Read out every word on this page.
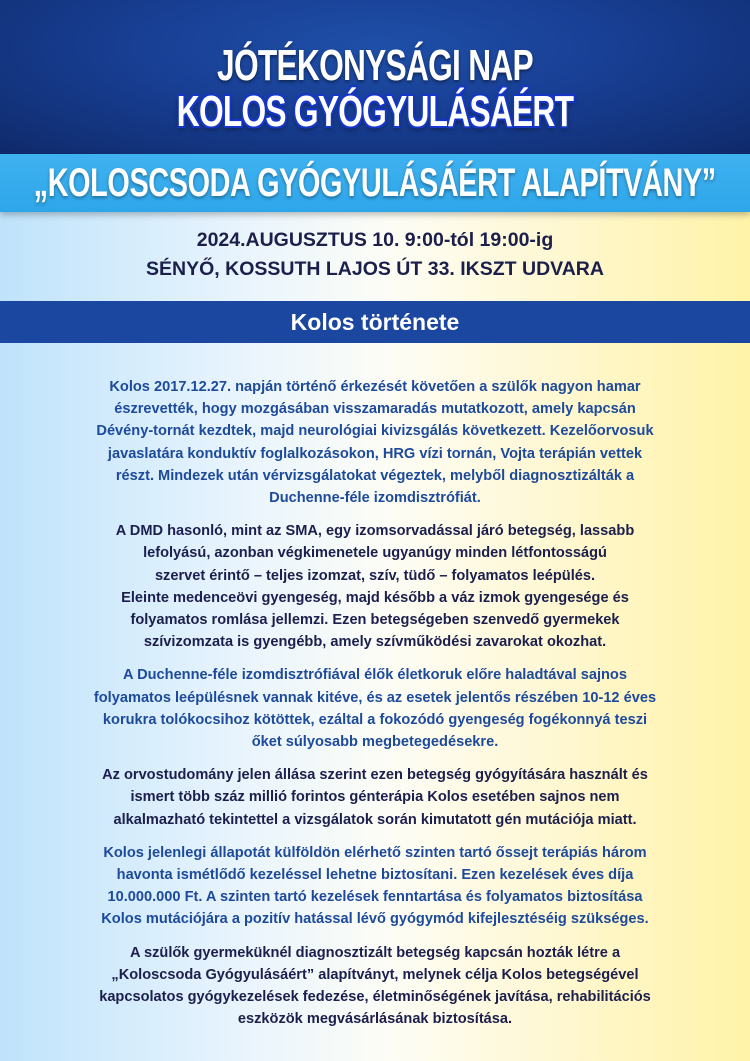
JÓTÉKONYSÁGI NAP
KOLOS GYÓGYULÁSÁÉRT
„KOLOSCSODA GYÓGYULÁSÁÉRT ALAPÍTVÁNY”
2024.AUGUSZTUS 10. 9:00-tól 19:00-ig
SÉNYŐ, KOSSUTH LAJOS ÚT 33. IKSZT UDVARA
Kolos története

Kolos 2017.12.27. napján történő érkezését követően a szülők nagyon hamar
észrevették, hogy mozgásában visszamaradás mutatkozott, amely kapcsán
Dévény-tornát kezdtek, majd neurológiai kivizsgálás következett. Kezelőorvosuk
javaslatára konduktív foglalkozásokon, HRG vízi tornán, Vojta terápián vettek
részt. Mindezek után vérvizsgálatokat végeztek, melyből diagnosztizálták a
Duchenne-féle izomdisztrófiát.

A DMD hasonló, mint az SMA, egy izomsorvadással járó betegség, lassabb
lefolyású, azonban végkimenetele ugyanúgy minden létfontosságú
szervet érintő – teljes izomzat, szív, tüdő – folyamatos leépülés.
Eleinte medenceövi gyengeség, majd később a váz izmok gyengesége és
folyamatos romlása jellemzi. Ezen betegségeben szenvedő gyermekek
szívizomzata is gyengébb, amely szívműködési zavarokat okozhat.

A Duchenne-féle izomdisztrófiával élők életkoruk előre haladtával sajnos
folyamatos leépülésnek vannak kitéve, és az esetek jelentős részében 10-12 éves
korukra tolókocsihoz kötöttek, ezáltal a fokozódó gyengeség fogékonnyá teszi
őket súlyosabb megbetegedésekre.

Az orvostudomány jelen állása szerint ezen betegség gyógyítására használt és
ismert több száz millió forintos génterápia Kolos esetében sajnos nem
alkalmazható tekintettel a vizsgálatok során kimutatott gén mutációja miatt.

Kolos jelenlegi állapotát külföldön elérhető szinten tartó őssejt terápiás három
havonta ismétlődő kezeléssel lehetne biztosítani. Ezen kezelések éves díja
10.000.000 Ft. A szinten tartó kezelések fenntartása és folyamatos biztosítása
Kolos mutációjára a pozitív hatással lévő gyógymód kifejlesztéséig szükséges.

A szülők gyermeküknél diagnosztizált betegség kapcsán hozták létre a
„Koloscsoda Gyógyulásáért” alapítványt, melynek célja Kolos betegségével
kapcsolatos gyógykezelések fedezése, életminőségének javítása, rehabilitációs
eszközök megvásárlásának biztosítása.
